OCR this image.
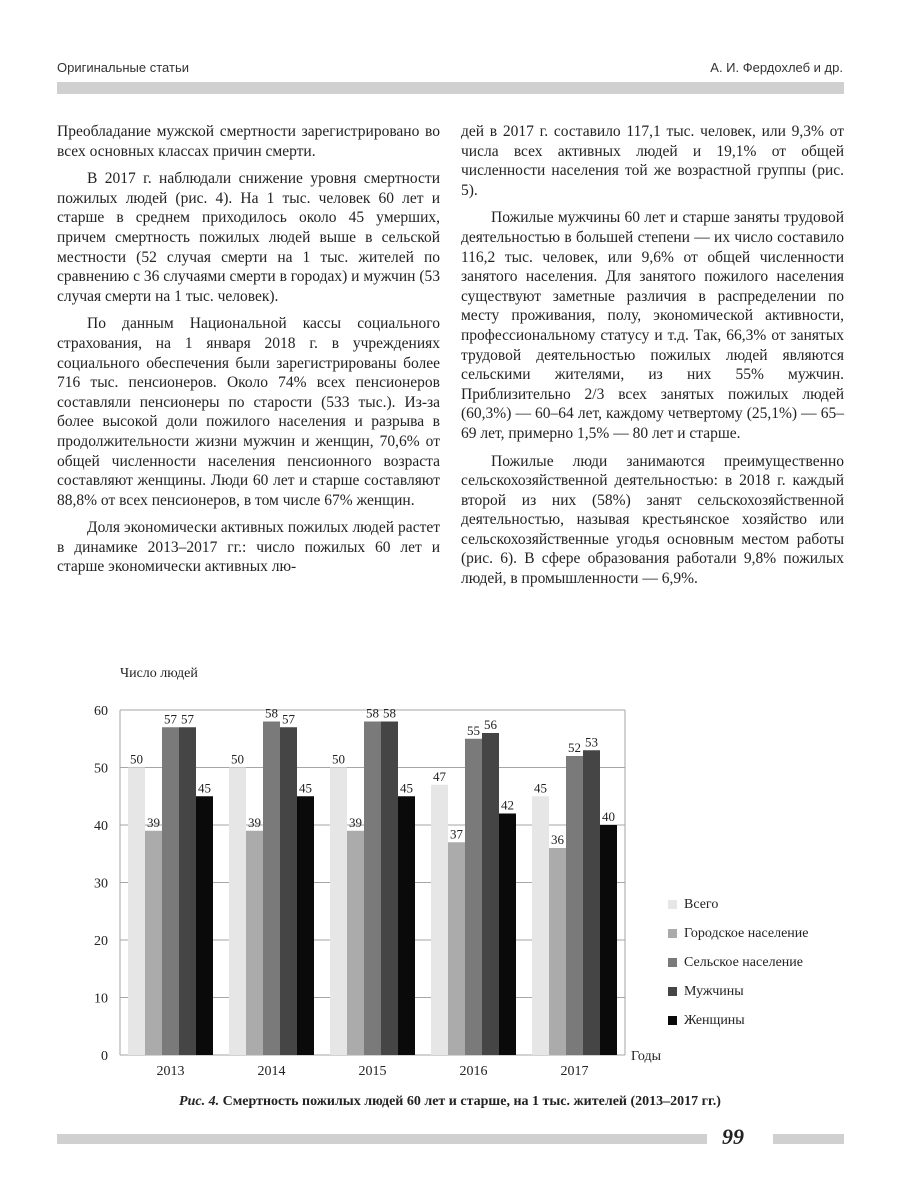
Оригинальные статьи	А. И. Фердохлеб и др.

Преобладание мужской смертности зарегистрировано во всех основных классах причин смерти.

В 2017 г. наблюдали снижение уровня смертности пожилых людей (рис. 4). На 1 тыс. человек 60 лет и старше в среднем приходилось около 45 умерших, причем смертность пожилых людей выше в сельской местности (52 случая смерти на 1 тыс. жителей по сравнению с 36 случаями смерти в городах) и мужчин (53 случая смерти на 1 тыс. человек).

По данным Национальной кассы социального страхования, на 1 января 2018 г. в учреждениях социального обеспечения были зарегистрированы более 716 тыс. пенсионеров. Около 74% всех пенсионеров составляли пенсионеры по старости (533 тыс.). Из-за более высокой доли пожилого населения и разрыва в продолжительности жизни мужчин и женщин, 70,6% от общей численности населения пенсионного возраста составляют женщины. Люди 60 лет и старше составляют 88,8% от всех пенсионеров, в том числе 67% женщин.

Доля экономически активных пожилых людей растет в динамике 2013–2017 гг.: число пожилых 60 лет и старше экономически активных лю-

дей в 2017 г. составило 117,1 тыс. человек, или 9,3% от числа всех активных людей и 19,1% от общей численности населения той же возрастной группы (рис. 5).

Пожилые мужчины 60 лет и старше заняты трудовой деятельностью в большей степени — их число составило 116,2 тыс. человек, или 9,6% от общей численности занятого населения. Для занятого пожилого населения существуют заметные различия в распределении по месту проживания, полу, экономической активности, профессиональному статусу и т.д. Так, 66,3% от занятых трудовой деятельностью пожилых людей являются сельскими жителями, из них 55% мужчин. Приблизительно 2/3 всех занятых пожилых людей (60,3%) — 60–64 лет, каждому четвертому (25,1%) — 65–69 лет, примерно 1,5% — 80 лет и старше.

Пожилые люди занимаются преимущественно сельскохозяйственной деятельностью: в 2018 г. каждый второй из них (58%) занят сельскохозяйственной деятельностью, называя крестьянское хозяйство или сельскохозяйственные угодья основным местом работы (рис. 6). В сфере образования работали 9,8% пожилых людей, в промышленности — 6,9%.

Число людей
0
10
20
30
40
50
60
50
39
57 57
45
2013
50
39
58 57
45
2014
50
39
58 58
45
2015
47
37
55 56
42
2016
45
36
52 53
40
2017
Годы
Всего
Городское население
Сельское население
Мужчины
Женщины
Рис. 4. Смертность пожилых людей 60 лет и старше, на 1 тыс. жителей (2013–2017 гг.)
99
